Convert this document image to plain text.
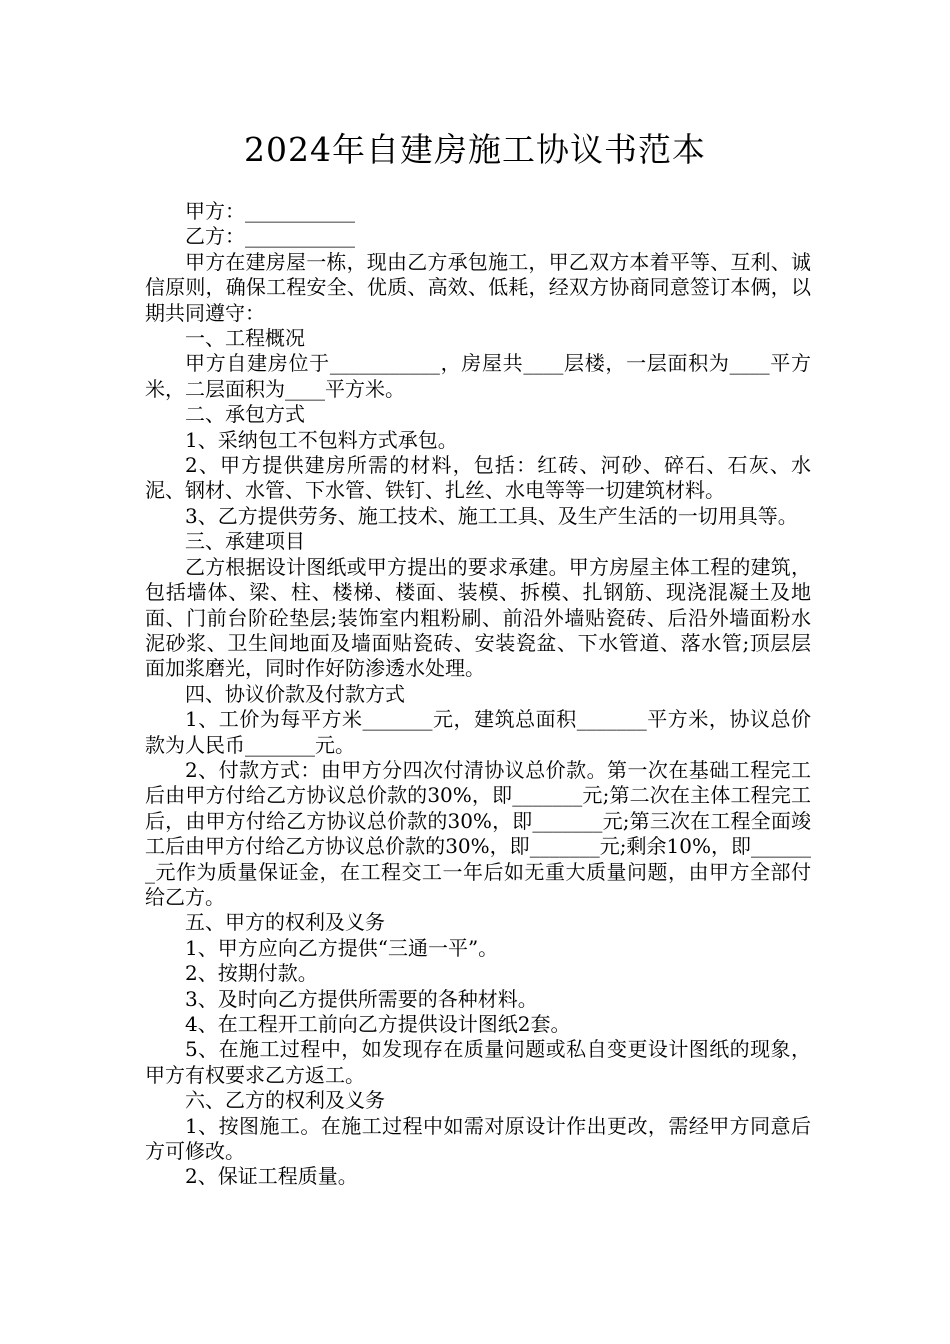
2024年自建房施工协议书范本

甲方：___________

乙方：___________

甲方在建房屋一栋，现由乙方承包施工，甲乙双方本着平等、互利、诚信原则，确保工程安全、优质、高效、低耗，经双方协商同意签订本俩，以期共同遵守：

一、工程概况

甲方自建房位于___________，房屋共____层楼，一层面积为____平方米，二层面积为____平方米。

二、承包方式

1、采纳包工不包料方式承包。

2、甲方提供建房所需的材料，包括：红砖、河砂、碎石、石灰、水泥、钢材、水管、下水管、铁钉、扎丝、水电等等一切建筑材料。

3、乙方提供劳务、施工技术、施工工具、及生产生活的一切用具等。

三、承建项目

乙方根据设计图纸或甲方提出的要求承建。甲方房屋主体工程的建筑，包括墙体、梁、柱、楼梯、楼面、装模、拆模、扎钢筋、现浇混凝土及地面、门前台阶砼垫层;装饰室内粗粉刷、前沿外墙贴瓷砖、后沿外墙面粉水泥砂浆、卫生间地面及墙面贴瓷砖、安装瓷盆、下水管道、落水管;顶层层面加浆磨光，同时作好防渗透水处理。

四、协议价款及付款方式

1、工价为每平方米_______元，建筑总面积_______平方米，协议总价款为人民币_______元。

2、付款方式：由甲方分四次付清协议总价款。第一次在基础工程完工后由甲方付给乙方协议总价款的30%，即_______元;第二次在主体工程完工后，由甲方付给乙方协议总价款的30%，即_______元;第三次在工程全面竣工后由甲方付给乙方协议总价款的30%，即_______元;剩余10%，即_______元作为质量保证金，在工程交工一年后如无重大质量问题，由甲方全部付给乙方。

五、甲方的权利及义务

1、甲方应向乙方提供“三通一平”。

2、按期付款。

3、及时向乙方提供所需要的各种材料。

4、在工程开工前向乙方提供设计图纸2套。

5、在施工过程中，如发现存在质量问题或私自变更设计图纸的现象，甲方有权要求乙方返工。

六、乙方的权利及义务

1、按图施工。在施工过程中如需对原设计作出更改，需经甲方同意后方可修改。

2、保证工程质量。
